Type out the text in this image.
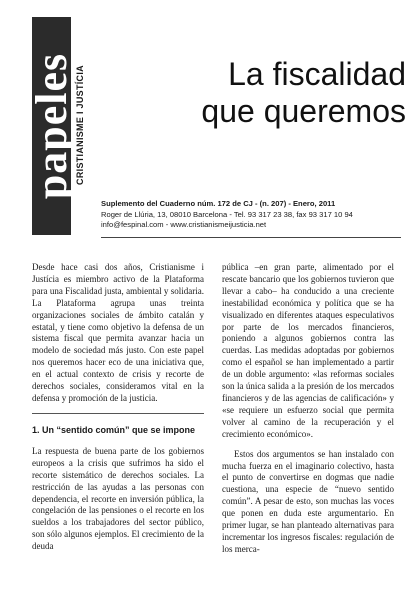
papeles CRISTIANISME I JUSTÍCIA	La fiscalidad
que queremos
Suplemento del Cuaderno núm. 172 de CJ - (n. 207) - Enero, 2011
Roger de Llúria, 13, 08010 Barcelona - Tel. 93 317 23 38, fax 93 317 10 94
info@fespinal.com - www.cristianismeijusticia.net

Desde hace casi dos años, Cristianisme i Justícia es miembro activo de la Plataforma para una Fiscalidad justa, ambiental y solidaria. La Plataforma agrupa unas treinta organizaciones sociales de ámbito catalán y estatal, y tiene como objetivo la defensa de un sistema fiscal que permita avanzar hacia un modelo de sociedad más justo. Con este papel nos queremos hacer eco de una iniciativa que, en el actual contexto de crisis y recorte de derechos sociales, consideramos vital en la defensa y promoción de la justicia.

1. Un “sentido común” que se impone

La respuesta de buena parte de los gobiernos europeos a la crisis que sufrimos ha sido el recorte sistemático de derechos sociales. La restricción de las ayudas a las personas con dependencia, el recorte en inversión pública, la congelación de las pensiones o el recorte en los sueldos a los trabajadores del sector público, son sólo algunos ejemplos. El crecimiento de la deuda

pública –en gran parte, alimentado por el rescate bancario que los gobiernos tuvieron que llevar a cabo– ha conducido a una creciente inestabilidad económica y política que se ha visualizado en diferentes ataques especulativos por parte de los mercados financieros, poniendo a algunos gobiernos contra las cuerdas. Las medidas adoptadas por gobiernos como el español se han implementado a partir de un doble argumento: «las reformas sociales son la única salida a la presión de los mercados financieros y de las agencias de calificación» y «se requiere un esfuerzo social que permita volver al camino de la recuperación y el crecimiento económico».

Estos dos argumentos se han instalado con mucha fuerza en el imaginario colectivo, hasta el punto de convertirse en dogmas que nadie cuestiona, una especie de “nuevo sentido común”. A pesar de esto, son muchas las voces que ponen en duda este argumentario. En primer lugar, se han planteado alternativas para incrementar los ingresos fiscales: regulación de los merca-
